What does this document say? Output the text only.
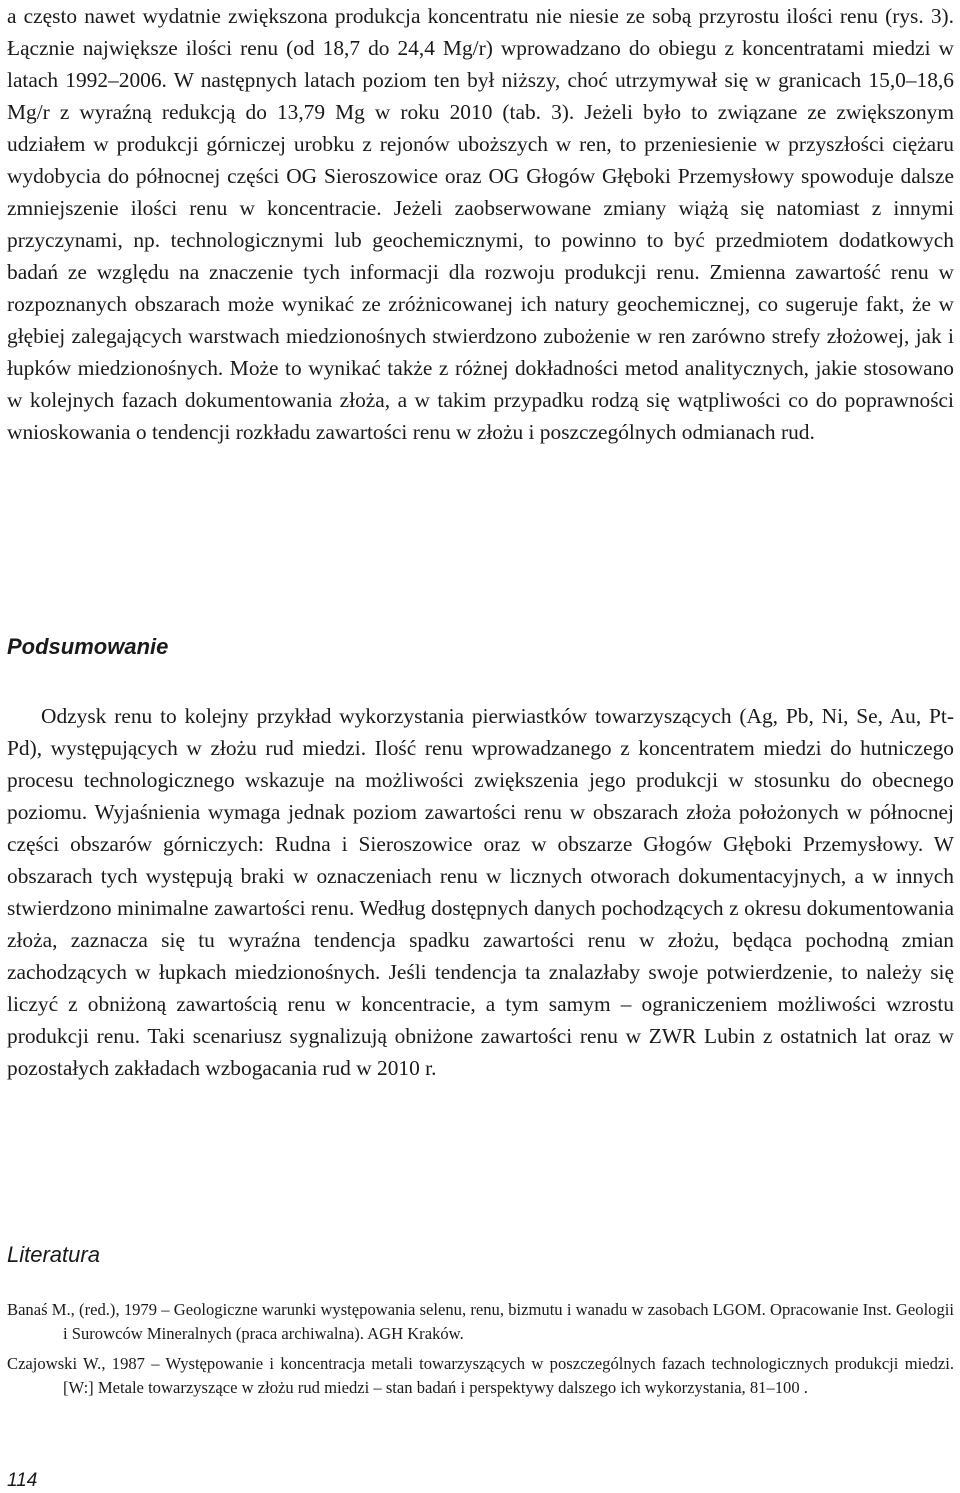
a często nawet wydatnie zwiększona produkcja koncentratu nie niesie ze sobą przyrostu ilości renu (rys. 3). Łącznie największe ilości renu (od 18,7 do 24,4 Mg/r) wprowadzano do obiegu z koncentratami miedzi w latach 1992–2006. W następnych latach poziom ten był niższy, choć utrzymywał się w granicach 15,0–18,6 Mg/r z wyraźną redukcją do 13,79 Mg w roku 2010 (tab. 3). Jeżeli było to związane ze zwiększonym udziałem w produkcji górniczej urobku z rejonów uboższych w ren, to przeniesienie w przyszłości ciężaru wydobycia do północnej części OG Sieroszowice oraz OG Głogów Głęboki Przemysłowy spowoduje dalsze zmniejszenie ilości renu w koncentracie. Jeżeli zaobserwowane zmiany wiążą się natomiast z innymi przyczynami, np. technologicznymi lub geochemicznymi, to powinno to być przedmiotem dodatkowych badań ze względu na znaczenie tych informacji dla rozwoju produkcji renu. Zmienna zawartość renu w rozpoznanych obszarach może wynikać ze zróżnicowanej ich natury geochemicznej, co sugeruje fakt, że w głębiej zalegających warstwach miedzionośnych stwierdzono zubożenie w ren zarówno strefy złożowej, jak i łupków miedzionośnych. Może to wynikać także z różnej dokładności metod analitycznych, jakie stosowano w kolejnych fazach dokumentowania złoża, a w takim przypadku rodzą się wątpliwości co do poprawności wnioskowania o tendencji rozkładu zawartości renu w złożu i poszczególnych odmianach rud.

Podsumowanie

Odzysk renu to kolejny przykład wykorzystania pierwiastków towarzyszących (Ag, Pb, Ni, Se, Au, Pt-Pd), występujących w złożu rud miedzi. Ilość renu wprowadzanego z koncentratem miedzi do hutniczego procesu technologicznego wskazuje na możliwości zwiększenia jego produkcji w stosunku do obecnego poziomu. Wyjaśnienia wymaga jednak poziom zawartości renu w obszarach złoża położonych w północnej części obszarów górniczych: Rudna i Sieroszowice oraz w obszarze Głogów Głęboki Przemysłowy. W obszarach tych występują braki w oznaczeniach renu w licznych otworach dokumentacyjnych, a w innych stwierdzono minimalne zawartości renu. Według dostępnych danych pochodzących z okresu dokumentowania złoża, zaznacza się tu wyraźna tendencja spadku zawartości renu w złożu, będąca pochodną zmian zachodzących w łupkach miedzionośnych. Jeśli tendencja ta znalazłaby swoje potwierdzenie, to należy się liczyć z obniżoną zawartością renu w koncentracie, a tym samym – ograniczeniem możliwości wzrostu produkcji renu. Taki scenariusz sygnalizują obniżone zawartości renu w ZWR Lubin z ostatnich lat oraz w pozostałych zakładach wzbogacania rud w 2010 r.

Literatura

Banaś M., (red.), 1979 – Geologiczne warunki występowania selenu, renu, bizmutu i wanadu w zasobach LGOM. Opracowanie Inst. Geologii i Surowców Mineralnych (praca archiwalna). AGH Kraków.

Czajowski W., 1987 – Występowanie i koncentracja metali towarzyszących w poszczególnych fazach technologicznych produkcji miedzi. [W:] Metale towarzyszące w złożu rud miedzi – stan badań i perspektywy dalszego ich wykorzystania, 81–100 .

114
